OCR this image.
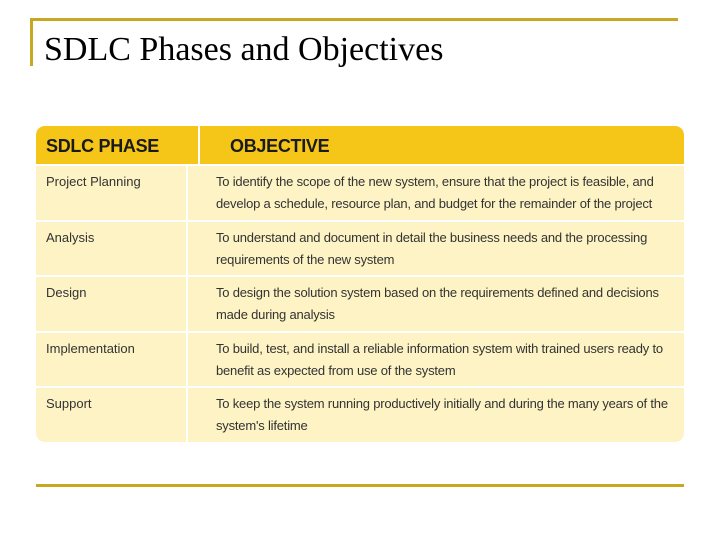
SDLC Phases and Objectives
SDLC PHASE	OBJECTIVE
Project Planning	To identify the scope of the new system, ensure that the project is feasible, and develop a schedule, resource plan, and budget for the remainder of the project
Analysis	To understand and document in detail the business needs and the processing requirements of the new system
Design	To design the solution system based on the requirements defined and decisions made during analysis
Implementation	To build, test, and install a reliable information system with trained users ready to benefit as expected from use of the system
Support	To keep the system running productively initially and during the many years of the system's lifetime
